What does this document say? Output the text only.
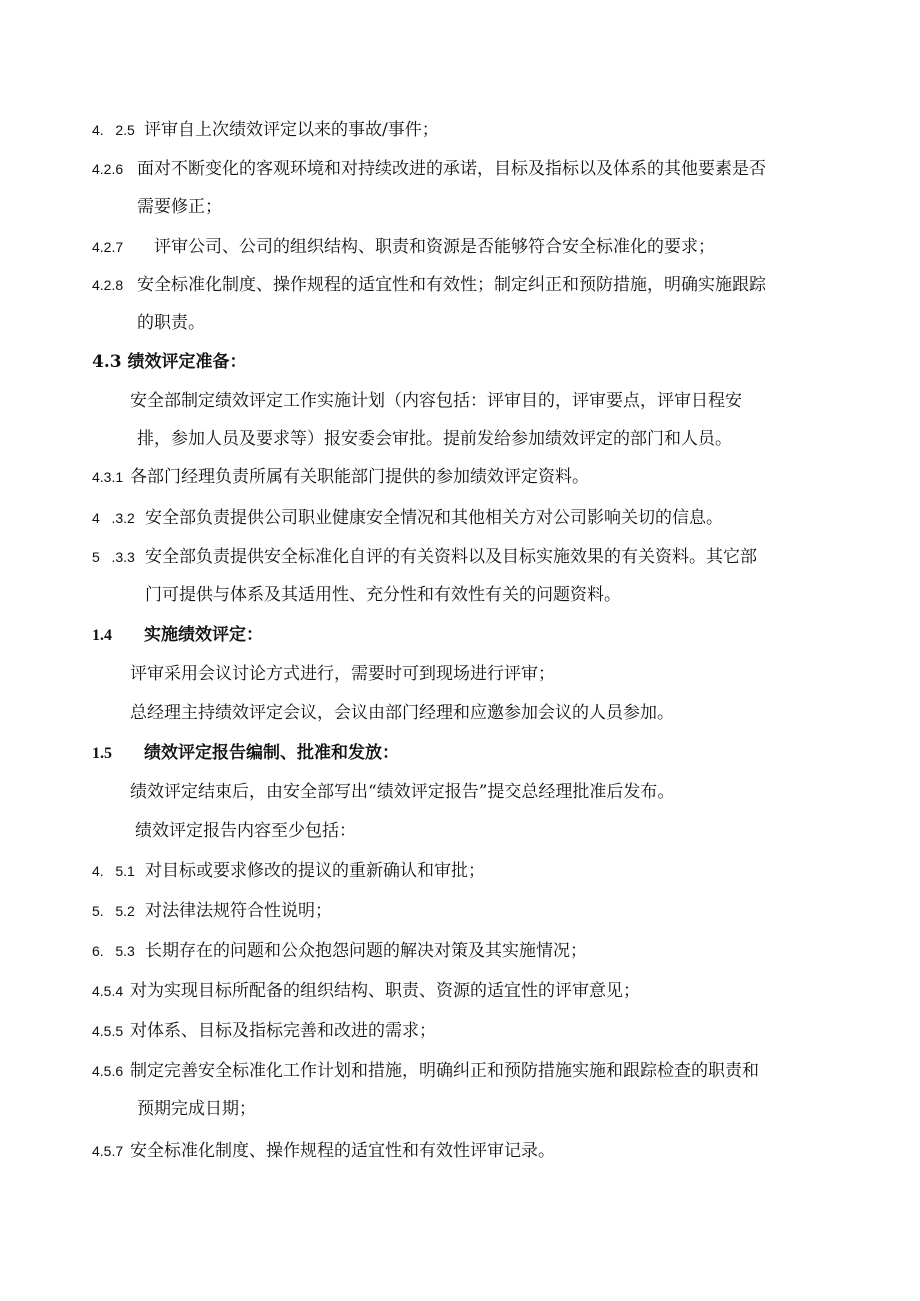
4.   2.5 评审自上次绩效评定以来的事故/事件；
4.2.6 面对不断变化的客观环境和对持续改进的承诺，目标及指标以及体系的其他要素是否
需要修正；
4.2.7 评审公司、公司的组织结构、职责和资源是否能够符合安全标准化的要求；
4.2.8 安全标准化制度、操作规程的适宜性和有效性；制定纠正和预防措施，明确实施跟踪
的职责。
4.3 绩效评定准备：
安全部制定绩效评定工作实施计划（内容包括：评审目的，评审要点，评审日程安
排，参加人员及要求等）报安委会审批。提前发给参加绩效评定的部门和人员。
4.3.1 各部门经理负责所属有关职能部门提供的参加绩效评定资料。
4   .3.2 安全部负责提供公司职业健康安全情况和其他相关方对公司影响关切的信息。
5   .3.3 安全部负责提供安全标准化自评的有关资料以及目标实施效果的有关资料。其它部
门可提供与体系及其适用性、充分性和有效性有关的问题资料。
1.4 实施绩效评定：
评审采用会议讨论方式进行，需要时可到现场进行评审；
总经理主持绩效评定会议，会议由部门经理和应邀参加会议的人员参加。
1.5 绩效评定报告编制、批准和发放：
绩效评定结束后，由安全部写出“绩效评定报告”提交总经理批准后发布。
绩效评定报告内容至少包括：
4.   5.1 对目标或要求修改的提议的重新确认和审批；
5.   5.2 对法律法规符合性说明；
6.   5.3 长期存在的问题和公众抱怨问题的解决对策及其实施情况；
4.5.4 对为实现目标所配备的组织结构、职责、资源的适宜性的评审意见；
4.5.5 对体系、目标及指标完善和改进的需求；
4.5.6 制定完善安全标准化工作计划和措施，明确纠正和预防措施实施和跟踪检查的职责和
预期完成日期；
4.5.7 安全标准化制度、操作规程的适宜性和有效性评审记录。
